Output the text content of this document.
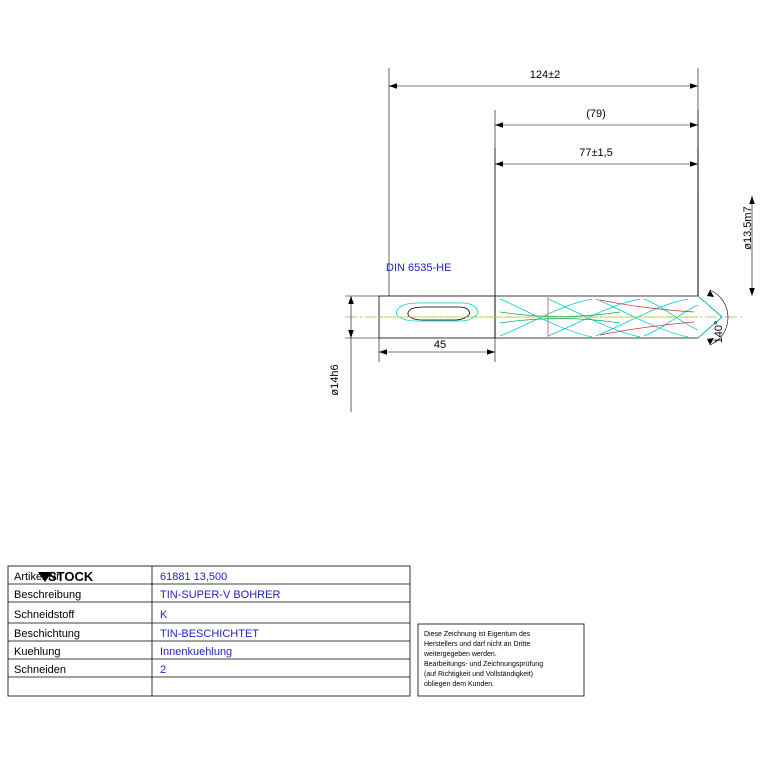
124±2
(79)
77±1,5
DIN 6535-HE
45
140°
ø13,5m7
ø14h6
STOCK
Artikel-Nr.	61881 13,500
Beschreibung	TIN-SUPER-V BOHRER
Schneidstoff	K
Beschichtung	TIN-BESCHICHTET
Kuehlung	Innenkuehlung
Schneiden	2
Diese Zeichnung ist Eigentum des
Herstellers und darf nicht an Dritte
weitergegeben werden.
Bearbeitungs- und Zeichnungsprüfung
(auf Richtigkeit und Vollständigkeit)
obliegen dem Kunden.
